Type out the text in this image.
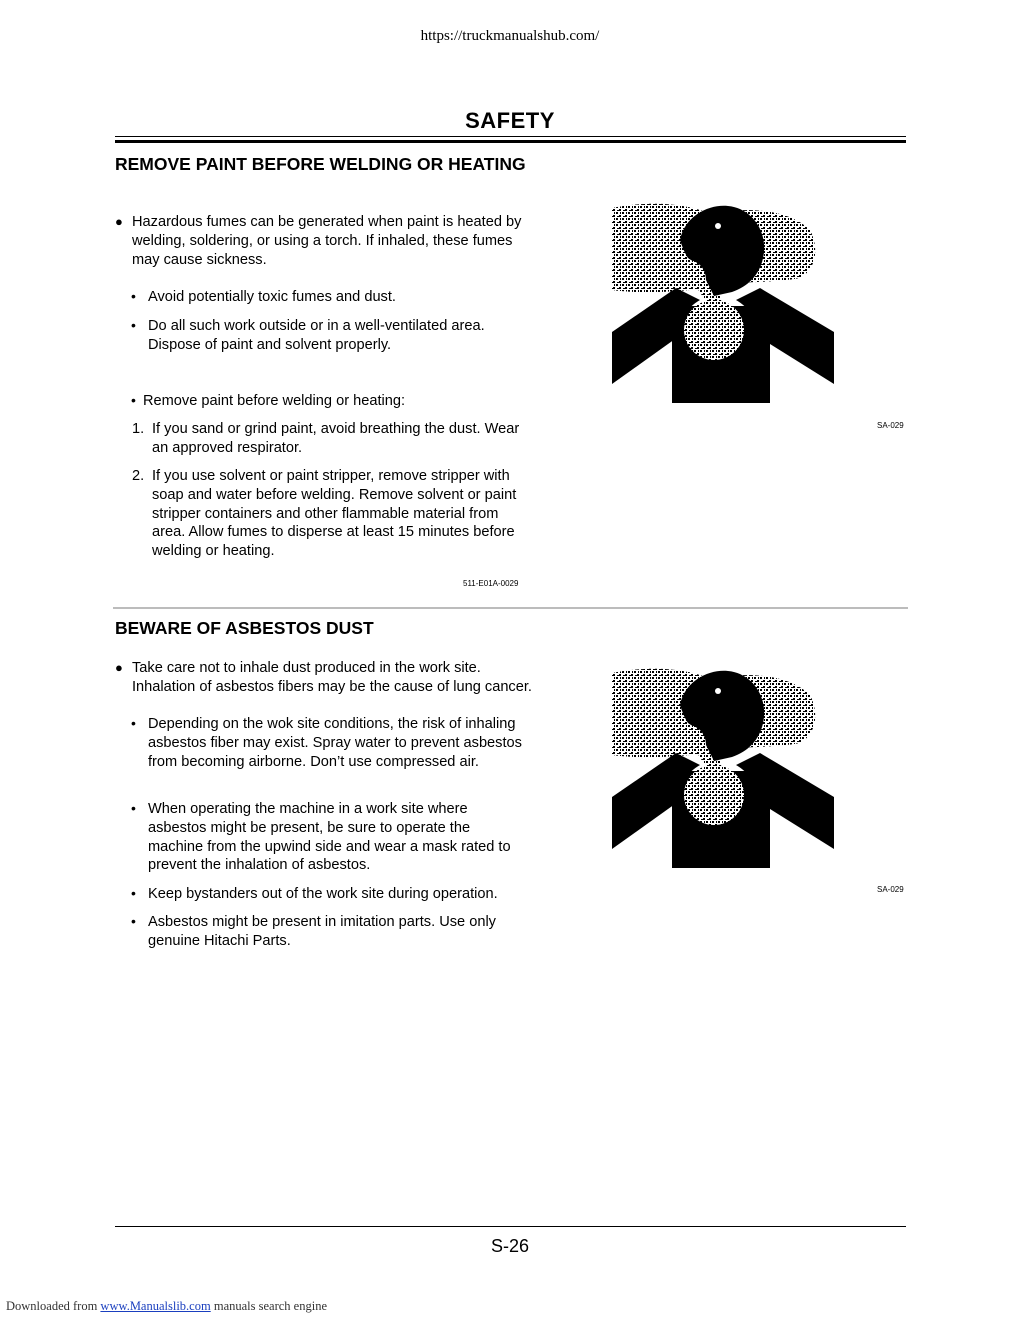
https://truckmanualshub.com/
SAFETY
REMOVE PAINT BEFORE WELDING OR HEATING
● Hazardous fumes can be generated when paint is heated by welding, soldering, or using a torch. If inhaled, these fumes may cause sickness.
• Avoid potentially toxic fumes and dust.
• Do all such work outside or in a well-ventilated area. Dispose of paint and solvent properly.
• Remove paint before welding or heating:
1. If you sand or grind paint, avoid breathing the dust. Wear an approved respirator.
2. If you use solvent or paint stripper, remove stripper with soap and water before welding. Remove solvent or paint stripper containers and other flammable material from area. Allow fumes to disperse at least 15 minutes before welding or heating.
511-E01A-0029
SA-029
BEWARE OF ASBESTOS DUST
● Take care not to inhale dust produced in the work site. Inhalation of asbestos fibers may be the cause of lung cancer.
• Depending on the wok site conditions, the risk of inhaling asbestos fiber may exist. Spray water to prevent asbestos from becoming airborne. Don’t use compressed air.
• When operating the machine in a work site where asbestos might be present, be sure to operate the machine from the upwind side and wear a mask rated to prevent the inhalation of asbestos.
• Keep bystanders out of the work site during operation.
• Asbestos might be present in imitation parts. Use only genuine Hitachi Parts.
SA-029
S-26
Downloaded from www.Manualslib.com manuals search engine
